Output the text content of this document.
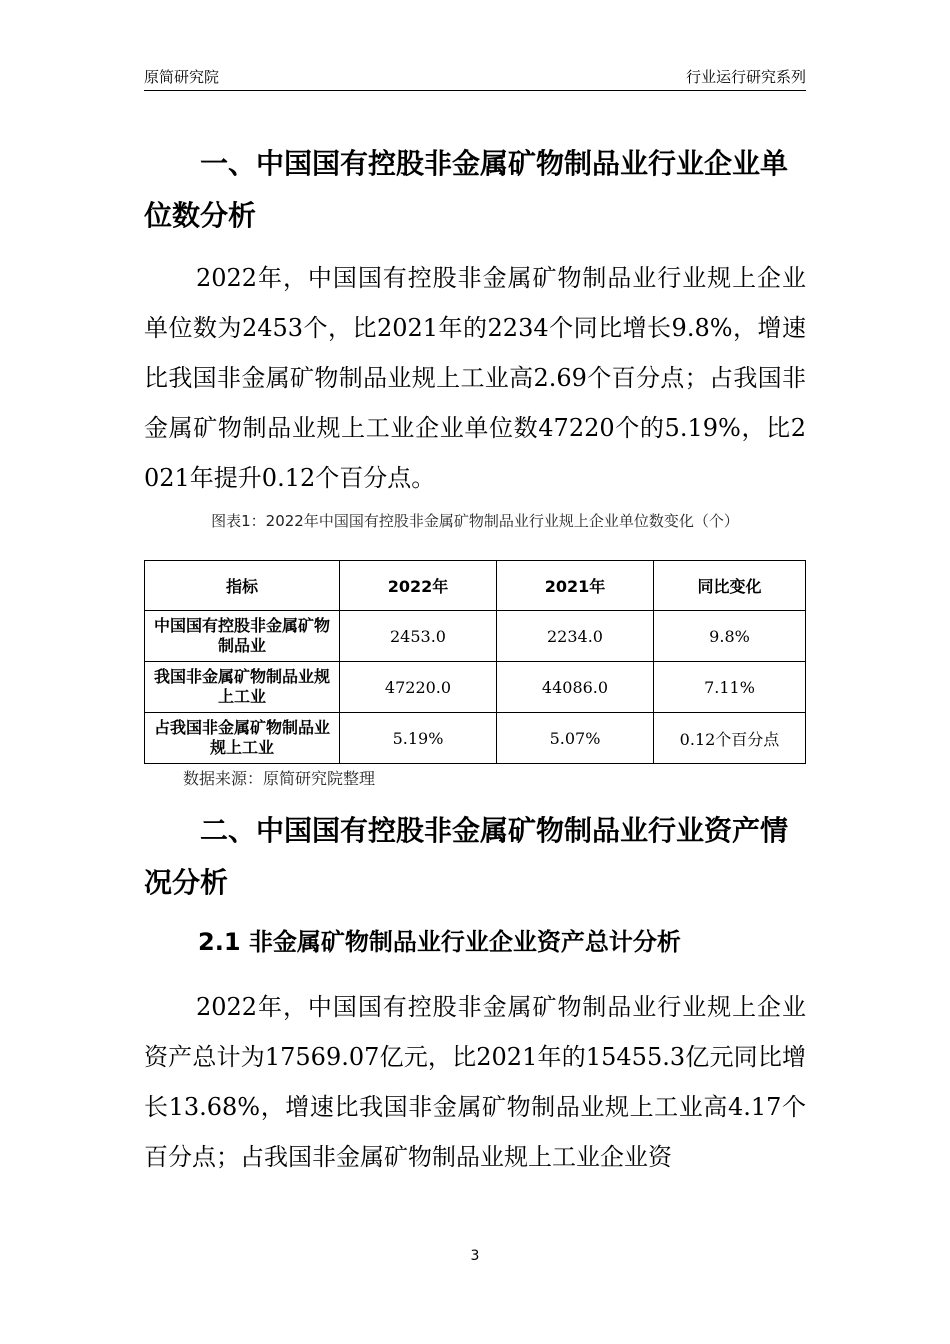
原简研究院	行业运行研究系列
一、中国国有控股非金属矿物制品业行业企业单位数分析

2022年，中国国有控股非金属矿物制品业行业规上企业单位数为2453个，比2021年的2234个同比增长9.8%，增速比我国非金属矿物制品业规上工业高2.69个百分点；占我国非金属矿物制品业规上工业企业单位数47220个的5.19%，比2021年提升0.12个百分点。

图表1：2022年中国国有控股非金属矿物制品业行业规上企业单位数变化（个）
指标	2022年	2021年	同比变化
中国国有控股非金属矿物制品业	2453.0	2234.0	9.8%
我国非金属矿物制品业规上工业	47220.0	44086.0	7.11%
占我国非金属矿物制品业规上工业	5.19%	5.07%	0.12个百分点
数据来源：原简研究院整理
二、中国国有控股非金属矿物制品业行业资产情况分析
2.1 非金属矿物制品业行业企业资产总计分析

2022年，中国国有控股非金属矿物制品业行业规上企业资产总计为17569.07亿元，比2021年的15455.3亿元同比增长13.68%，增速比我国非金属矿物制品业规上工业高4.17个百分点；占我国非金属矿物制品业规上工业企业资

3
